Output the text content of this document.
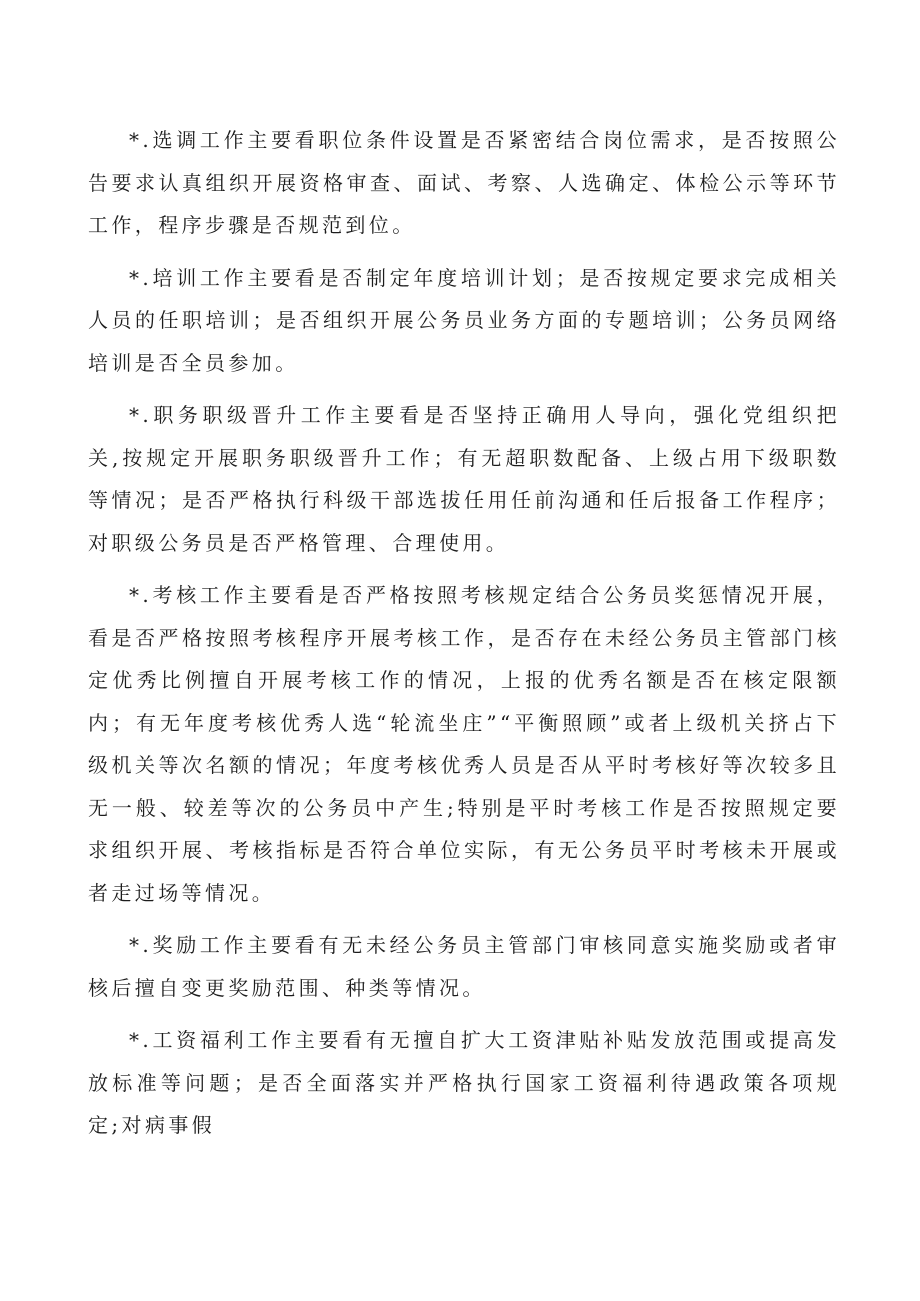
*.选调工作主要看职位条件设置是否紧密结合岗位需求，是否按照公告要求认真组织开展资格审查、面试、考察、人选确定、体检公示等环节工作，程序步骤是否规范到位。

*.培训工作主要看是否制定年度培训计划；是否按规定要求完成相关人员的任职培训；是否组织开展公务员业务方面的专题培训；公务员网络培训是否全员参加。

*.职务职级晋升工作主要看是否坚持正确用人导向，强化党组织把关,按规定开展职务职级晋升工作；有无超职数配备、上级占用下级职数等情况；是否严格执行科级干部选拔任用任前沟通和任后报备工作程序；对职级公务员是否严格管理、合理使用。

*.考核工作主要看是否严格按照考核规定结合公务员奖惩情况开展，看是否严格按照考核程序开展考核工作，是否存在未经公务员主管部门核定优秀比例擅自开展考核工作的情况，上报的优秀名额是否在核定限额内；有无年度考核优秀人选“轮流坐庄”“平衡照顾”或者上级机关挤占下级机关等次名额的情况；年度考核优秀人员是否从平时考核好等次较多且无一般、较差等次的公务员中产生;特别是平时考核工作是否按照规定要求组织开展、考核指标是否符合单位实际，有无公务员平时考核未开展或者走过场等情况。

*.奖励工作主要看有无未经公务员主管部门审核同意实施奖励或者审核后擅自变更奖励范围、种类等情况。

*.工资福利工作主要看有无擅自扩大工资津贴补贴发放范围或提高发放标准等问题；是否全面落实并严格执行国家工资福利待遇政策各项规定;对病事假
